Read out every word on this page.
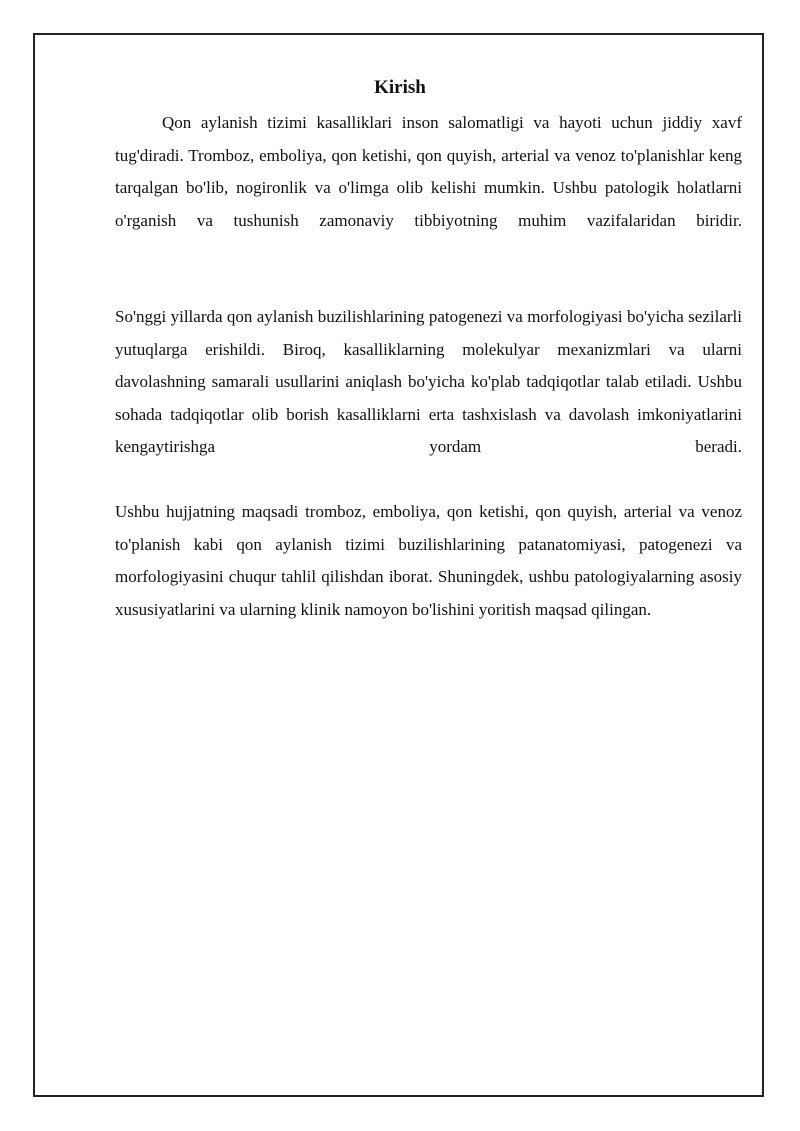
Kirish

Qon aylanish tizimi kasalliklari inson salomatligi va hayoti uchun jiddiy xavf tug'diradi. Tromboz, emboliya, qon ketishi, qon quyish, arterial va venoz to'planishlar keng tarqalgan bo'lib, nogironlik va o'limga olib kelishi mumkin. Ushbu patologik holatlarni o'rganish va tushunish zamonaviy tibbiyotning muhim vazifalaridan biridir.

So'nggi yillarda qon aylanish buzilishlarining patogenezi va morfologiyasi bo'yicha sezilarli yutuqlarga erishildi. Biroq, kasalliklarning molekulyar mexanizmlari va ularni davolashning samarali usullarini aniqlash bo'yicha ko'plab tadqiqotlar talab etiladi. Ushbu sohada tadqiqotlar olib borish kasalliklarni erta tashxislash va davolash imkoniyatlarini kengaytirishga yordam beradi.

Ushbu hujjatning maqsadi tromboz, emboliya, qon ketishi, qon quyish, arterial va venoz to'planish kabi qon aylanish tizimi buzilishlarining patanatomiyasi, patogenezi va morfologiyasini chuqur tahlil qilishdan iborat. Shuningdek, ushbu patologiyalarning asosiy xususiyatlarini va ularning klinik namoyon bo'lishini yoritish maqsad qilingan.
